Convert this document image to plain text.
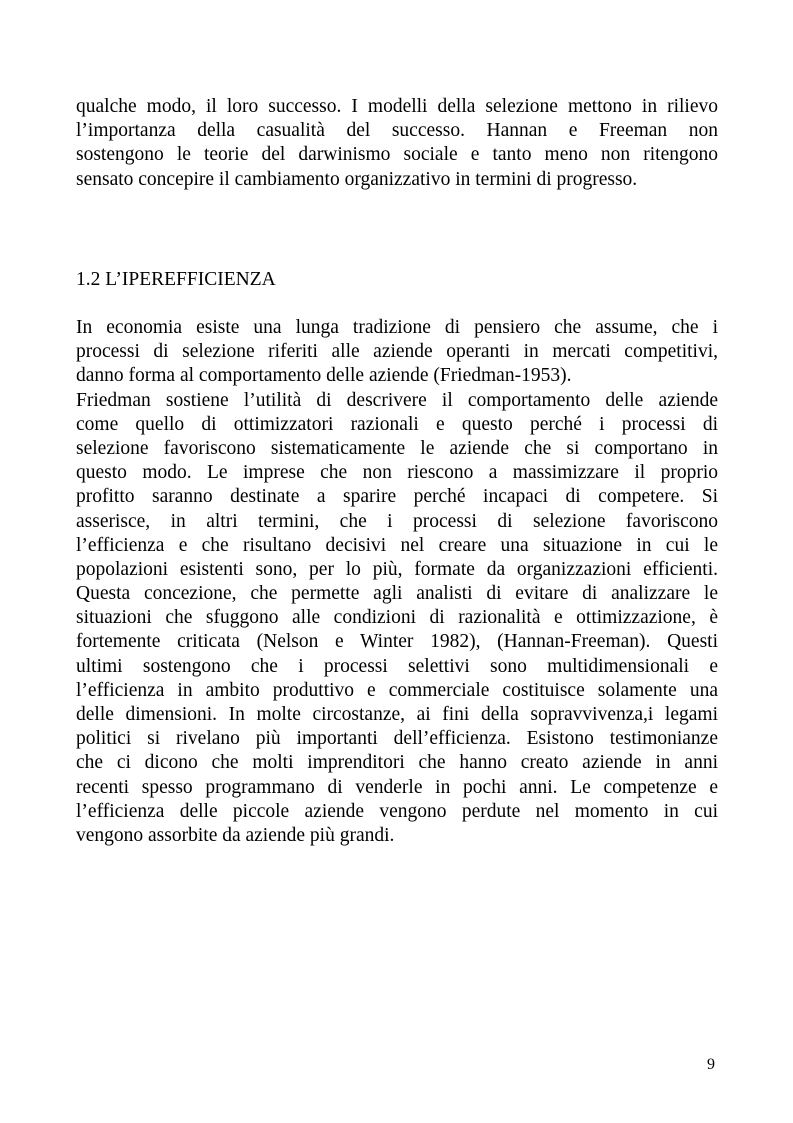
qualche modo, il loro successo. I modelli della selezione mettono in rilievo
l’importanza della casualità del successo. Hannan e Freeman non
sostengono le teorie del darwinismo sociale e tanto meno non ritengono
sensato concepire il cambiamento organizzativo in termini di progresso.
1.2 L’IPEREFFICIENZA
In economia esiste una lunga tradizione di pensiero che assume, che i
processi di selezione riferiti alle aziende operanti in mercati competitivi,
danno forma al comportamento delle aziende (Friedman-1953).
Friedman sostiene l’utilità di descrivere il comportamento delle aziende
come quello di ottimizzatori razionali e questo perché i processi di
selezione favoriscono sistematicamente le aziende che si comportano in
questo modo. Le imprese che non riescono a massimizzare il proprio
profitto saranno destinate a sparire perché incapaci di competere. Si
asserisce, in altri termini, che i processi di selezione favoriscono
l’efficienza e che risultano decisivi nel creare una situazione in cui le
popolazioni esistenti sono, per lo più, formate da organizzazioni efficienti.
Questa concezione, che permette agli analisti di evitare di analizzare le
situazioni che sfuggono alle condizioni di razionalità e ottimizzazione, è
fortemente criticata (Nelson e Winter 1982), (Hannan-Freeman). Questi
ultimi sostengono che i processi selettivi sono multidimensionali e
l’efficienza in ambito produttivo e commerciale costituisce solamente una
delle dimensioni. In molte circostanze, ai fini della sopravvivenza,i legami
politici si rivelano più importanti dell’efficienza. Esistono testimonianze
che ci dicono che molti imprenditori che hanno creato aziende in anni
recenti spesso programmano di venderle in pochi anni. Le competenze e
l’efficienza delle piccole aziende vengono perdute nel momento in cui
vengono assorbite da aziende più grandi.
9
